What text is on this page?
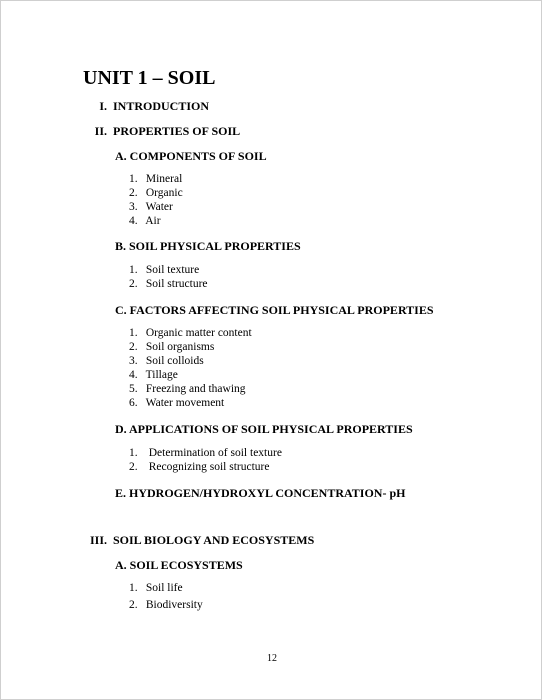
UNIT 1 – SOIL
I. INTRODUCTION
II. PROPERTIES OF SOIL
A. COMPONENTS OF SOIL
1. Mineral
2. Organic
3. Water
4. Air
B. SOIL PHYSICAL PROPERTIES
1. Soil texture
2. Soil structure
C. FACTORS AFFECTING SOIL PHYSICAL PROPERTIES
1. Organic matter content
2. Soil organisms
3. Soil colloids
4. Tillage
5. Freezing and thawing
6. Water movement
D. APPLICATIONS OF SOIL PHYSICAL PROPERTIES
1. Determination of soil texture
2. Recognizing soil structure
E. HYDROGEN/HYDROXYL CONCENTRATION- pH
III. SOIL BIOLOGY AND ECOSYSTEMS
A. SOIL ECOSYSTEMS
1. Soil life
2. Biodiversity
12
